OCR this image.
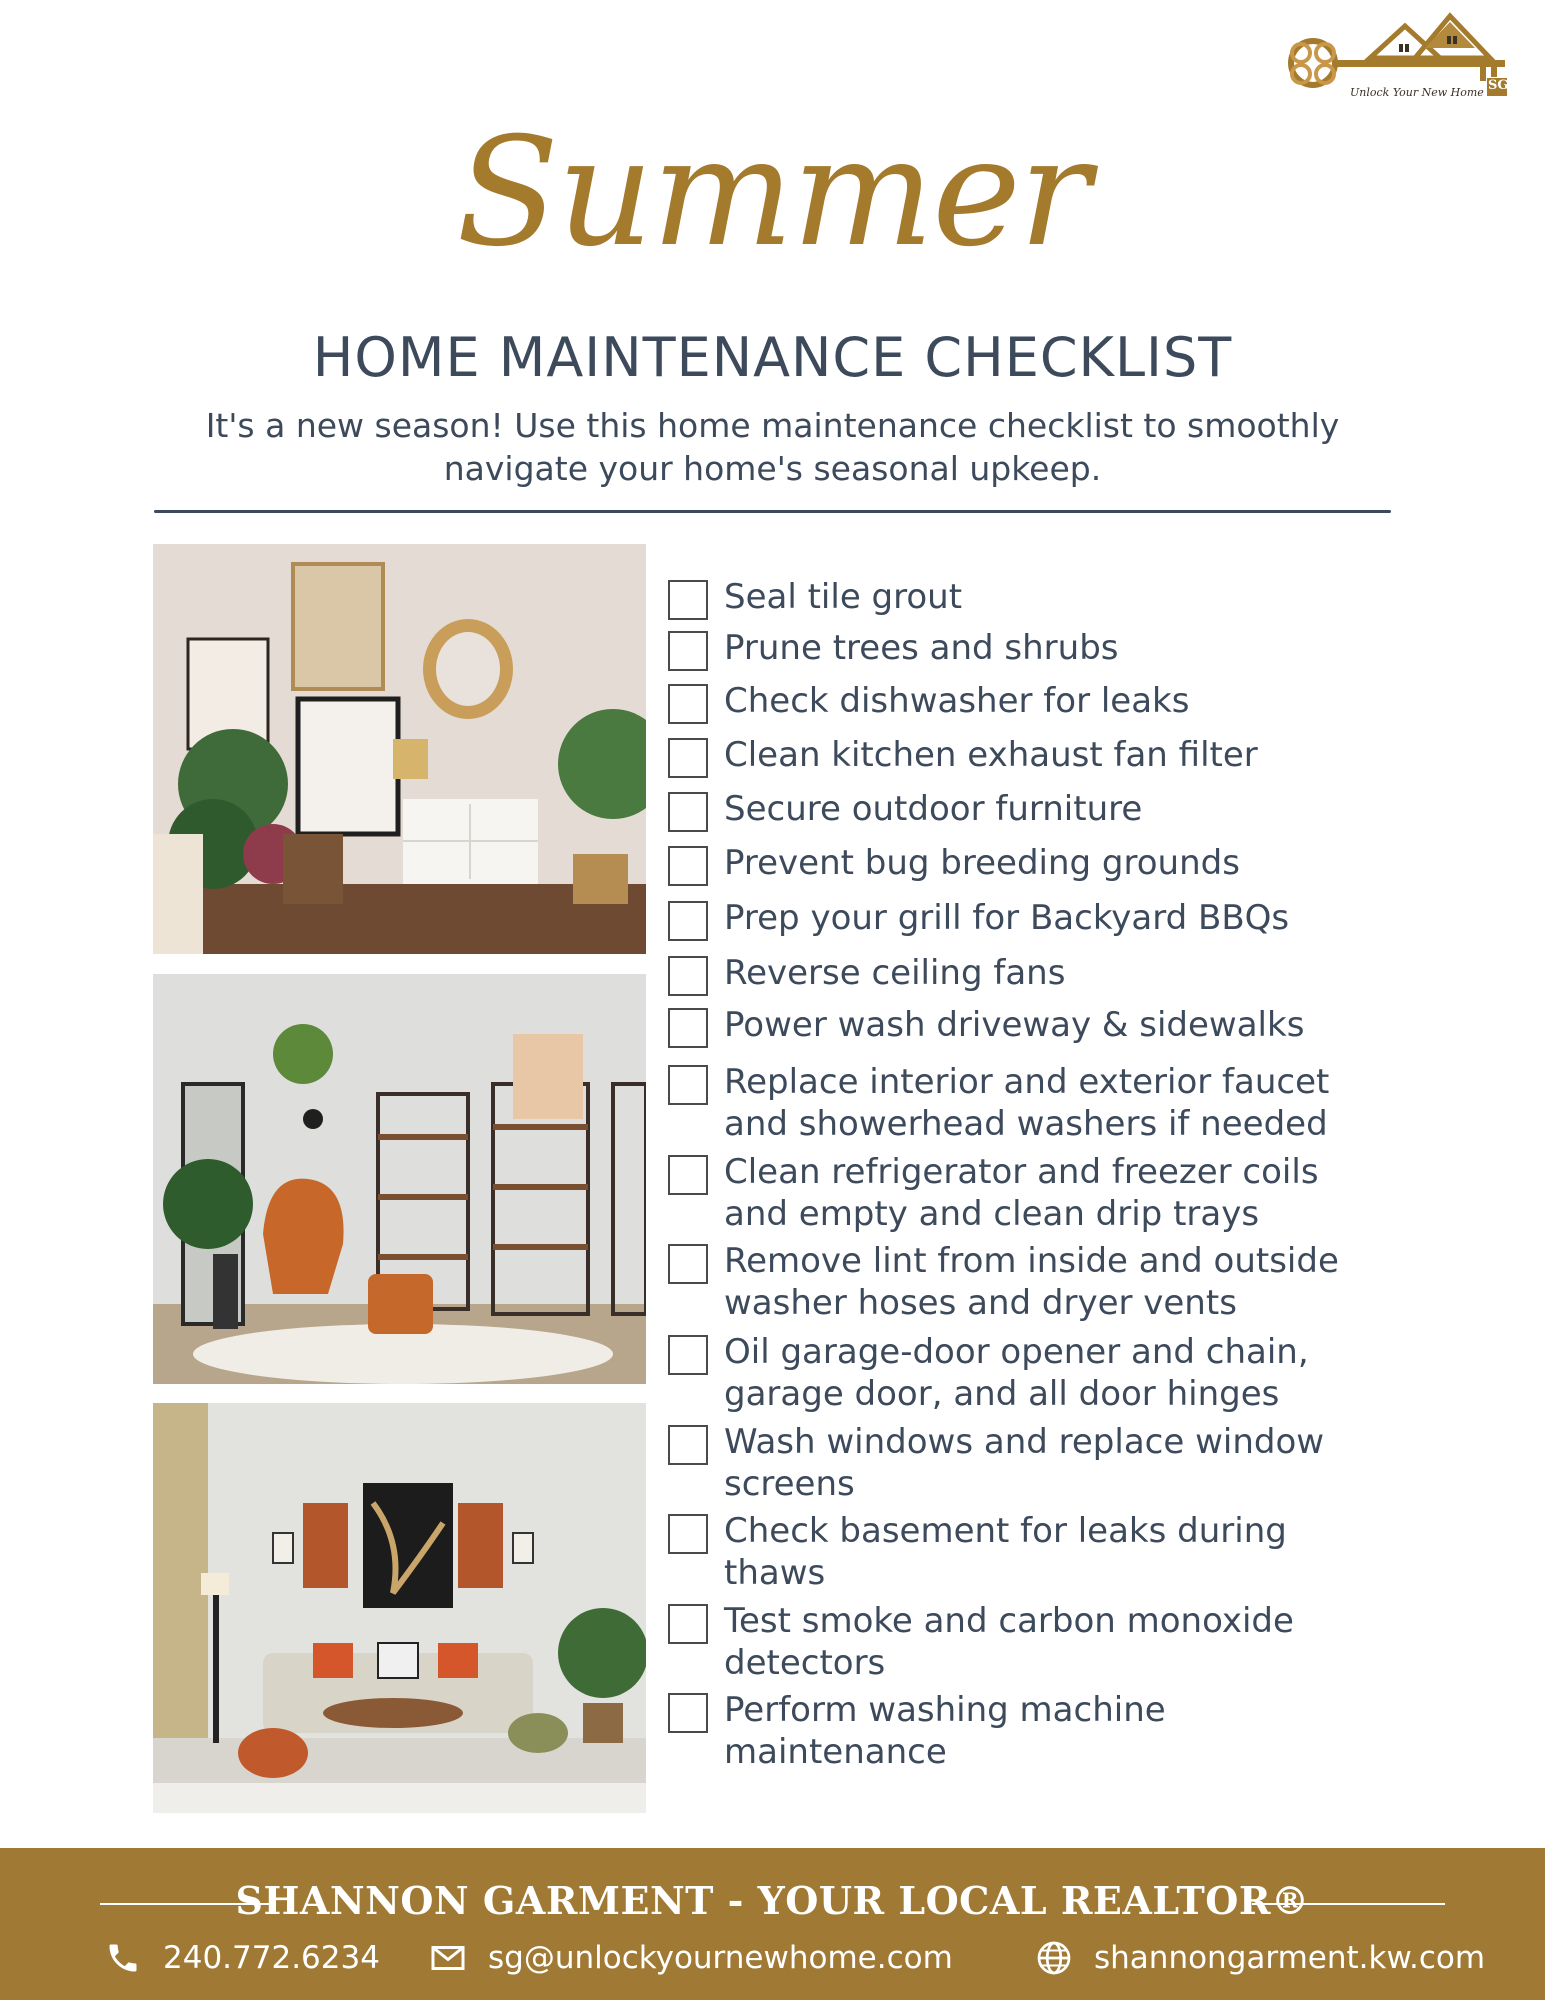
Unlock Your New Home SG
Summer
HOME MAINTENANCE CHECKLIST
It's a new season! Use this home maintenance checklist to smoothly navigate your home's seasonal upkeep.
Seal tile grout
Prune trees and shrubs
Check dishwasher for leaks
Clean kitchen exhaust fan filter
Secure outdoor furniture
Prevent bug breeding grounds
Prep your grill for Backyard BBQs
Reverse ceiling fans
Power wash driveway & sidewalks
Replace interior and exterior faucet
and showerhead washers if needed
Clean refrigerator and freezer coils
and empty and clean drip trays
Remove lint from inside and outside
washer hoses and dryer vents
Oil garage-door opener and chain,
garage door, and all door hinges
Wash windows and replace window
screens
Check basement for leaks during
thaws
Test smoke and carbon monoxide
detectors
Perform washing machine
maintenance
SHANNON GARMENT - YOUR LOCAL REALTOR®
240.772.6234	sg@unlockyournewhome.com	shannongarment.kw.com
